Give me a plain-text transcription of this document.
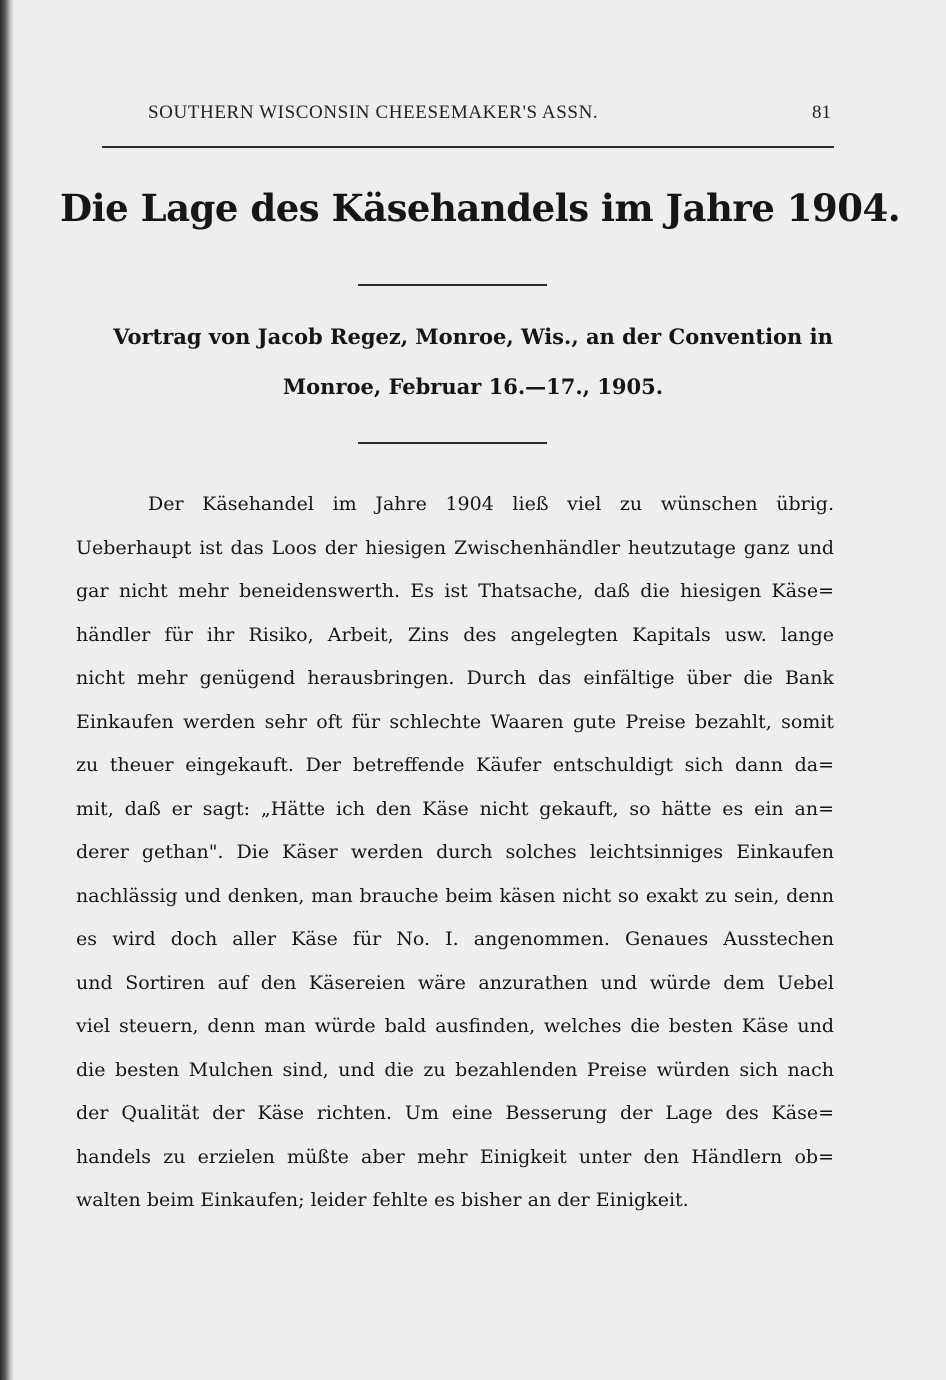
SOUTHERN WISCONSIN CHEESEMAKER'S ASSN.	81
Die Lage des Käsehandels im Jahre 1904.
Vortrag von Jacob Regez, Monroe, Wis., an der Convention in
Monroe, Februar 16.—17., 1905.
Der Käsehandel im Jahre 1904 ließ viel zu wünschen übrig.
Ueberhaupt ist das Loos der hiesigen Zwischenhändler heutzutage ganz und
gar nicht mehr beneidenswerth. Es ist Thatsache, daß die hiesigen Käse=
händler für ihr Risiko, Arbeit, Zins des angelegten Kapitals usw. lange
nicht mehr genügend herausbringen. Durch das einfältige über die Bank
Einkaufen werden sehr oft für schlechte Waaren gute Preise bezahlt, somit
zu theuer eingekauft. Der betreffende Käufer entschuldigt sich dann da=
mit, daß er sagt: „Hätte ich den Käse nicht gekauft, so hätte es ein an=
derer gethan". Die Käser werden durch solches leichtsinniges Einkaufen
nachlässig und denken, man brauche beim käsen nicht so exakt zu sein, denn
es wird doch aller Käse für No. I. angenommen. Genaues Ausstechen
und Sortiren auf den Käsereien wäre anzurathen und würde dem Uebel
viel steuern, denn man würde bald ausfinden, welches die besten Käse und
die besten Mulchen sind, und die zu bezahlenden Preise würden sich nach
der Qualität der Käse richten. Um eine Besserung der Lage des Käse=
handels zu erzielen müßte aber mehr Einigkeit unter den Händlern ob=
walten beim Einkaufen; leider fehlte es bisher an der Einigkeit.
